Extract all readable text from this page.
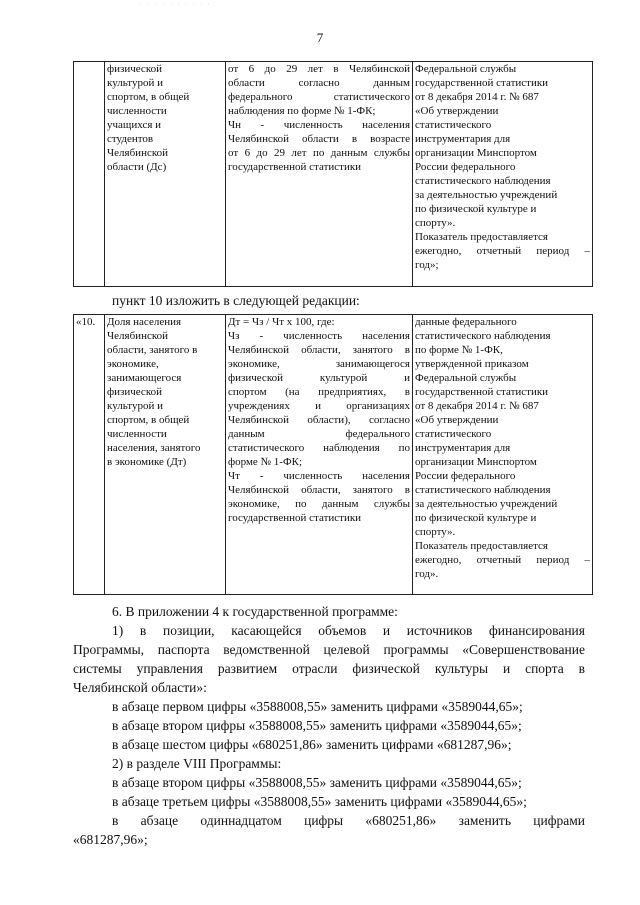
· · · · · · · · · ·
7

физической
культурой и
спортом, в общей
численности
учащихся и
студентов
Челябинской
области (Дс)

от 6 до 29 лет в Челябинской
области согласно данным
федерального статистического
наблюдения по форме № 1-ФК;
Чн - численность населения
Челябинской области в возрасте
от 6 до 29 лет по данным службы
государственной статистики

Федеральной службы
государственной статистики
от 8 декабря 2014 г. № 687
«Об утверждении
статистического
инструментария для
организации Минспортом
России федерального
статистического наблюдения
за деятельностью учреждений
по физической культуре и
спорту».
Показатель предоставляется
ежегодно, отчетный период –
год»;
пункт 10 изложить в следующей редакции:
«10.	Доля населения
Челябинской
области, занятого в
экономике,
занимающегося
физической
культурой и
спортом, в общей
численности
населения, занятого
в экономике (Дт)

Дт = Чз / Чт x 100, где:
Чз - численность населения
Челябинской области, занятого в
экономике, занимающегося
физической культурой и
спортом (на предприятиях, в
учреждениях и организациях
Челябинской области), согласно
данным федерального
статистического наблюдения по
форме № 1-ФК;
Чт - численность населения
Челябинской области, занятого в
экономике, по данным службы
государственной статистики

данные федерального
статистического наблюдения
по форме № 1-ФК,
утвержденной приказом
Федеральной службы
государственной статистики
от 8 декабря 2014 г. № 687
«Об утверждении
статистического
инструментария для
организации Минспортом
России федерального
статистического наблюдения
за деятельностью учреждений
по физической культуре и
спорту».
Показатель предоставляется
ежегодно, отчетный период –
год».
6. В приложении 4 к государственной программе:
1) в позиции, касающейся объемов и источников финансирования
Программы, паспорта ведомственной целевой программы «Совершенствование
системы управления развитием отрасли физической культуры и спорта в
Челябинской области»:
в абзаце первом цифры «3588008,55» заменить цифрами «3589044,65»;
в абзаце втором цифры «3588008,55» заменить цифрами «3589044,65»;
в абзаце шестом цифры «680251,86» заменить цифрами «681287,96»;
2) в разделе VIII Программы:
в абзаце втором цифры «3588008,55» заменить цифрами «3589044,65»;
в абзаце третьем цифры «3588008,55» заменить цифрами «3589044,65»;
в абзаце одиннадцатом цифры «680251,86» заменить цифрами
«681287,96»;
